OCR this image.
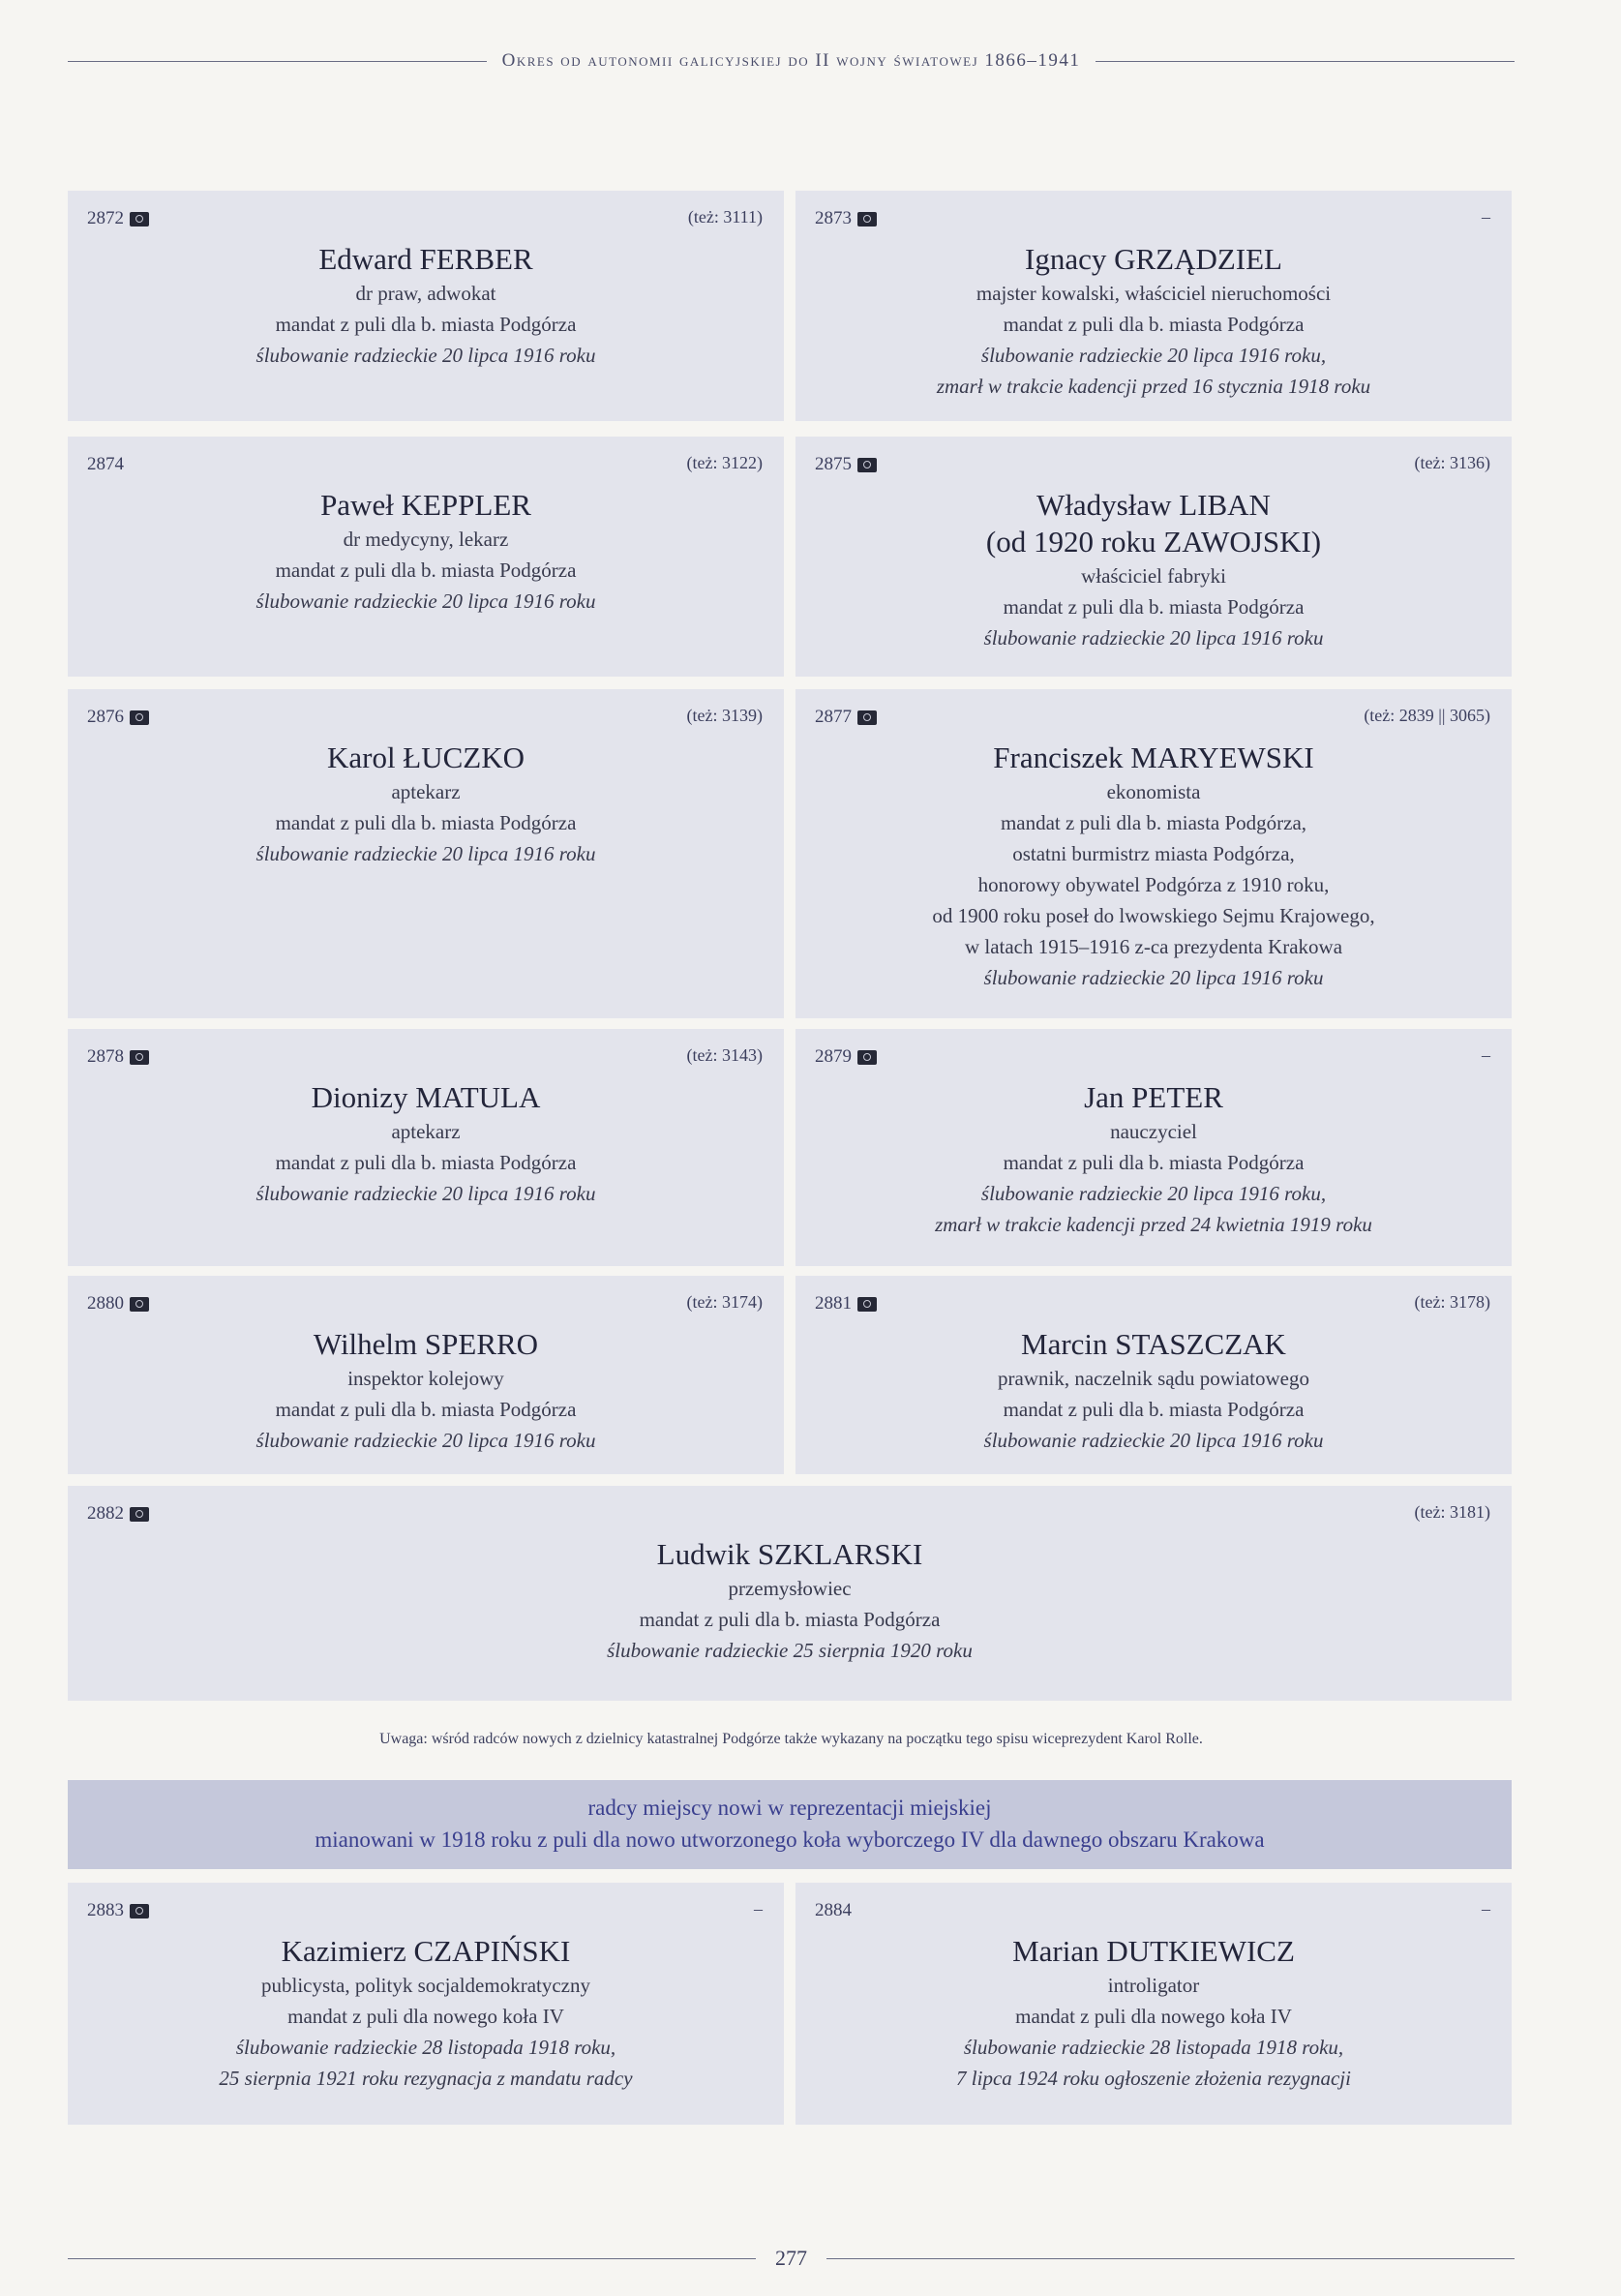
Okres od autonomii galicyjskiej do II wojny światowej 1866–1941
2872	(też: 3111)
Edward FERBER
dr praw, adwokat
mandat z puli dla b. miasta Podgórza
ślubowanie radzieckie 20 lipca 1916 roku
2873	–
Ignacy GRZĄDZIEL
majster kowalski, właściciel nieruchomości
mandat z puli dla b. miasta Podgórza
ślubowanie radzieckie 20 lipca 1916 roku,
zmarł w trakcie kadencji przed 16 stycznia 1918 roku
2874	(też: 3122)
Paweł KEPPLER
dr medycyny, lekarz
mandat z puli dla b. miasta Podgórza
ślubowanie radzieckie 20 lipca 1916 roku
2875	(też: 3136)
Władysław LIBAN
(od 1920 roku ZAWOJSKI)
właściciel fabryki
mandat z puli dla b. miasta Podgórza
ślubowanie radzieckie 20 lipca 1916 roku
2876	(też: 3139)
Karol ŁUCZKO
aptekarz
mandat z puli dla b. miasta Podgórza
ślubowanie radzieckie 20 lipca 1916 roku
2877	(też: 2839 || 3065)
Franciszek MARYEWSKI
ekonomista
mandat z puli dla b. miasta Podgórza,
ostatni burmistrz miasta Podgórza,
honorowy obywatel Podgórza z 1910 roku,
od 1900 roku poseł do lwowskiego Sejmu Krajowego,
w latach 1915–1916 z-ca prezydenta Krakowa
ślubowanie radzieckie 20 lipca 1916 roku
2878	(też: 3143)
Dionizy MATULA
aptekarz
mandat z puli dla b. miasta Podgórza
ślubowanie radzieckie 20 lipca 1916 roku
2879	–
Jan PETER
nauczyciel
mandat z puli dla b. miasta Podgórza
ślubowanie radzieckie 20 lipca 1916 roku,
zmarł w trakcie kadencji przed 24 kwietnia 1919 roku
2880	(też: 3174)
Wilhelm SPERRO
inspektor kolejowy
mandat z puli dla b. miasta Podgórza
ślubowanie radzieckie 20 lipca 1916 roku
2881	(też: 3178)
Marcin STASZCZAK
prawnik, naczelnik sądu powiatowego
mandat z puli dla b. miasta Podgórza
ślubowanie radzieckie 20 lipca 1916 roku
2882	(też: 3181)
Ludwik SZKLARSKI
przemysłowiec
mandat z puli dla b. miasta Podgórza
ślubowanie radzieckie 25 sierpnia 1920 roku
Uwaga: wśród radców nowych z dzielnicy katastralnej Podgórze także wykazany na początku tego spisu wiceprezydent Karol Rolle.
radcy miejscy nowi w reprezentacji miejskiej
mianowani w 1918 roku z puli dla nowo utworzonego koła wyborczego IV dla dawnego obszaru Krakowa
2883	–
Kazimierz CZAPIŃSKI
publicysta, polityk socjaldemokratyczny
mandat z puli dla nowego koła IV
ślubowanie radzieckie 28 listopada 1918 roku,
25 sierpnia 1921 roku rezygnacja z mandatu radcy
2884	–
Marian DUTKIEWICZ
introligator
mandat z puli dla nowego koła IV
ślubowanie radzieckie 28 listopada 1918 roku,
7 lipca 1924 roku ogłoszenie złożenia rezygnacji
277
